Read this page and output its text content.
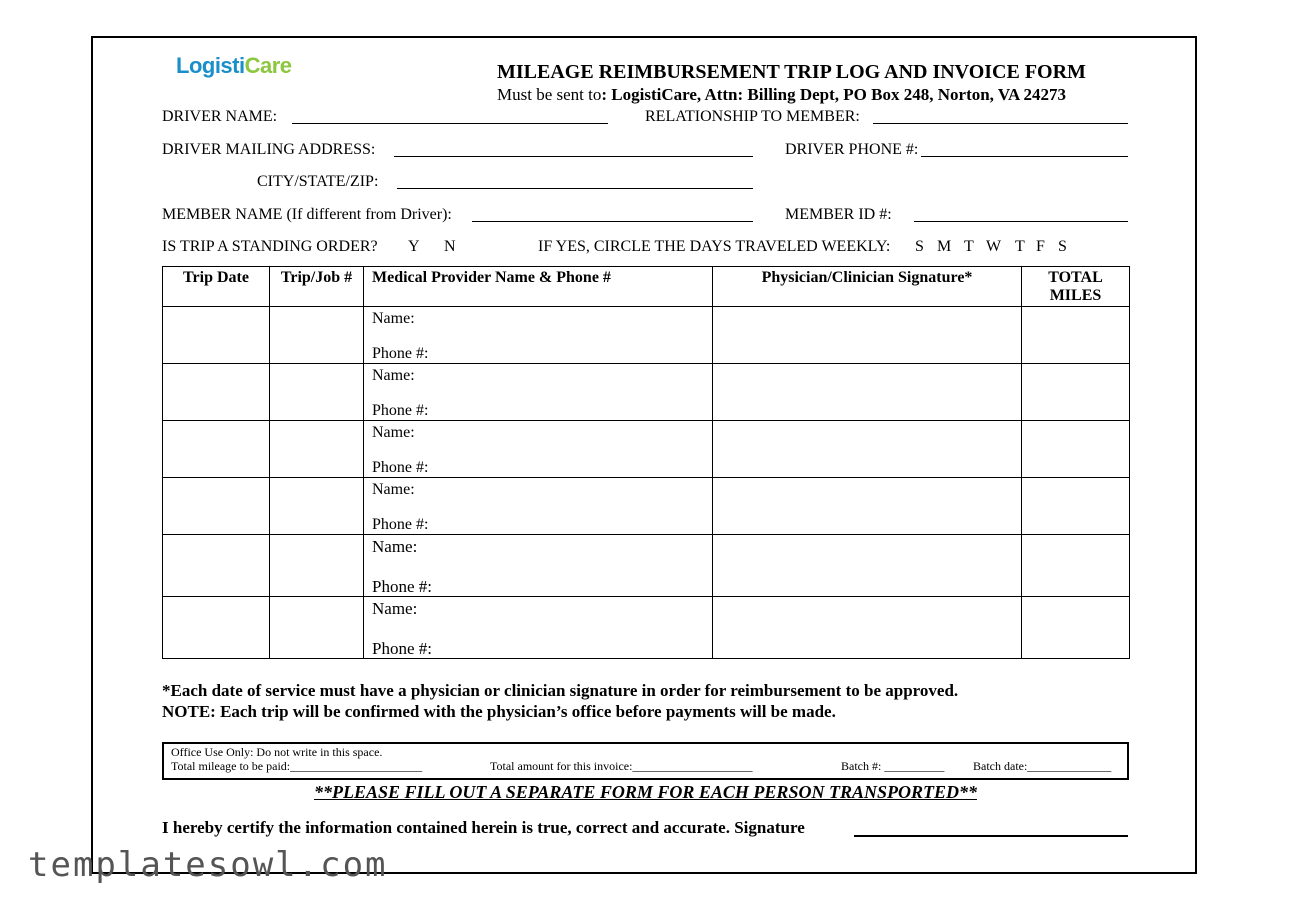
LogistiCare	MILEAGE REIMBURSEMENT TRIP LOG AND INVOICE FORM
Must be sent to: LogistiCare, Attn: Billing Dept, PO Box 248, Norton, VA 24273
DRIVER NAME:	RELATIONSHIP TO MEMBER:
DRIVER MAILING ADDRESS:	DRIVER PHONE #:
CITY/STATE/ZIP:
MEMBER NAME (If different from Driver):	MEMBER ID #:
IS TRIP A STANDING ORDER? Y N	IF YES, CIRCLE THE DAYS TRAVELED WEEKLY: S M T W T F S
Trip Date	Trip/Job #	Medical Provider Name & Phone #	Physician/Clinician Signature*	TOTAL MILES

		Name:
Phone #:		

		Name:
Phone #:		

		Name:
Phone #:		

		Name:
Phone #:		

		Name:
Phone #:		

		Name:
Phone #:		

*Each date of service must have a physician or clinician signature in order for reimbursement to be approved.
NOTE: Each trip will be confirmed with the physician’s office before payments will be made.
Office Use Only: Do not write in this space.
Total mileage to be paid:______________________	Total amount for this invoice:____________________	Batch #: __________ Batch date:______________
**PLEASE FILL OUT A SEPARATE FORM FOR EACH PERSON TRANSPORTED**
I hereby certify the information contained herein is true, correct and accurate. Signature
templatesowl.com
